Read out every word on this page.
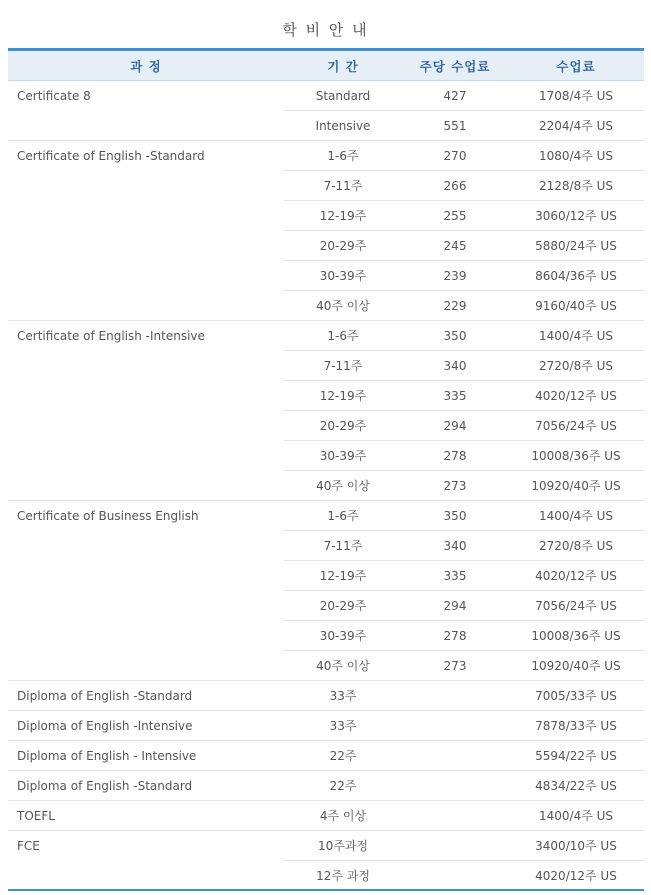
학 비 안 내
과 정	기 간	주당 수업료	수업료
Certificate 8	Standard	427	1708/4주 US
	Intensive	551	2204/4주 US
Certificate of English -Standard	1-6주	270	1080/4주 US
	7-11주	266	2128/8주 US
	12-19주	255	3060/12주 US
	20-29주	245	5880/24주 US
	30-39주	239	8604/36주 US
	40주 이상	229	9160/40주 US
Certificate of English -Intensive	1-6주	350	1400/4주 US
	7-11주	340	2720/8주 US
	12-19주	335	4020/12주 US
	20-29주	294	7056/24주 US
	30-39주	278	10008/36주 US
	40주 이상	273	10920/40주 US
Certificate of Business English	1-6주	350	1400/4주 US
	7-11주	340	2720/8주 US
	12-19주	335	4020/12주 US
	20-29주	294	7056/24주 US
	30-39주	278	10008/36주 US
	40주 이상	273	10920/40주 US
Diploma of English -Standard	33주		7005/33주 US
Diploma of English -Intensive	33주		7878/33주 US
Diploma of English - Intensive	22주		5594/22주 US
Diploma of English -Standard	22주		4834/22주 US
TOEFL	4주 이상		1400/4주 US
FCE	10주과정		3400/10주 US
	12주 과정		4020/12주 US
